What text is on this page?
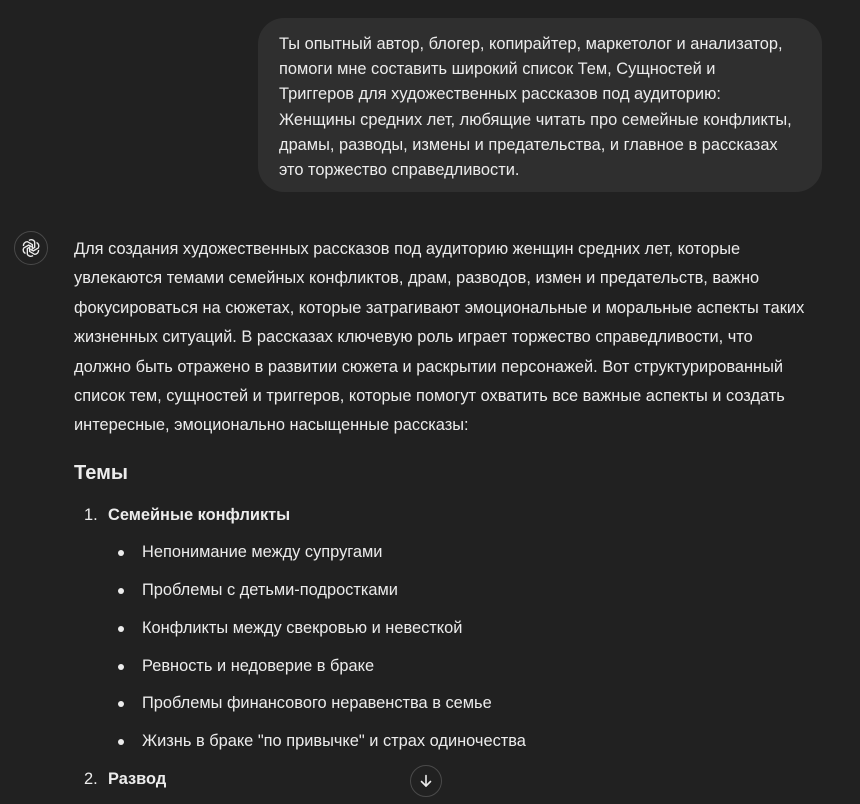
Ты опытный автор, блогер, копирайтер, маркетолог и анализатор,
помоги мне составить широкий список Тем, Сущностей и
Триггеров для художественных рассказов под аудиторию:
Женщины средних лет, любящие читать про семейные конфликты,
драмы, разводы, измены и предательства, и главное в рассказах
это торжество справедливости.
Для создания художественных рассказов под аудиторию женщин средних лет, которые
увлекаются темами семейных конфликтов, драм, разводов, измен и предательств, важно
фокусироваться на сюжетах, которые затрагивают эмоциональные и моральные аспекты таких
жизненных ситуаций. В рассказах ключевую роль играет торжество справедливости, что
должно быть отражено в развитии сюжета и раскрытии персонажей. Вот структурированный
список тем, сущностей и триггеров, которые помогут охватить все важные аспекты и создать
интересные, эмоционально насыщенные рассказы:
Темы
1. Семейные конфликты
Непонимание между супругами
Проблемы с детьми-подростками
Конфликты между свекровью и невесткой
Ревность и недоверие в браке
Проблемы финансового неравенства в семье
Жизнь в браке "по привычке" и страх одиночества
2. Развод
